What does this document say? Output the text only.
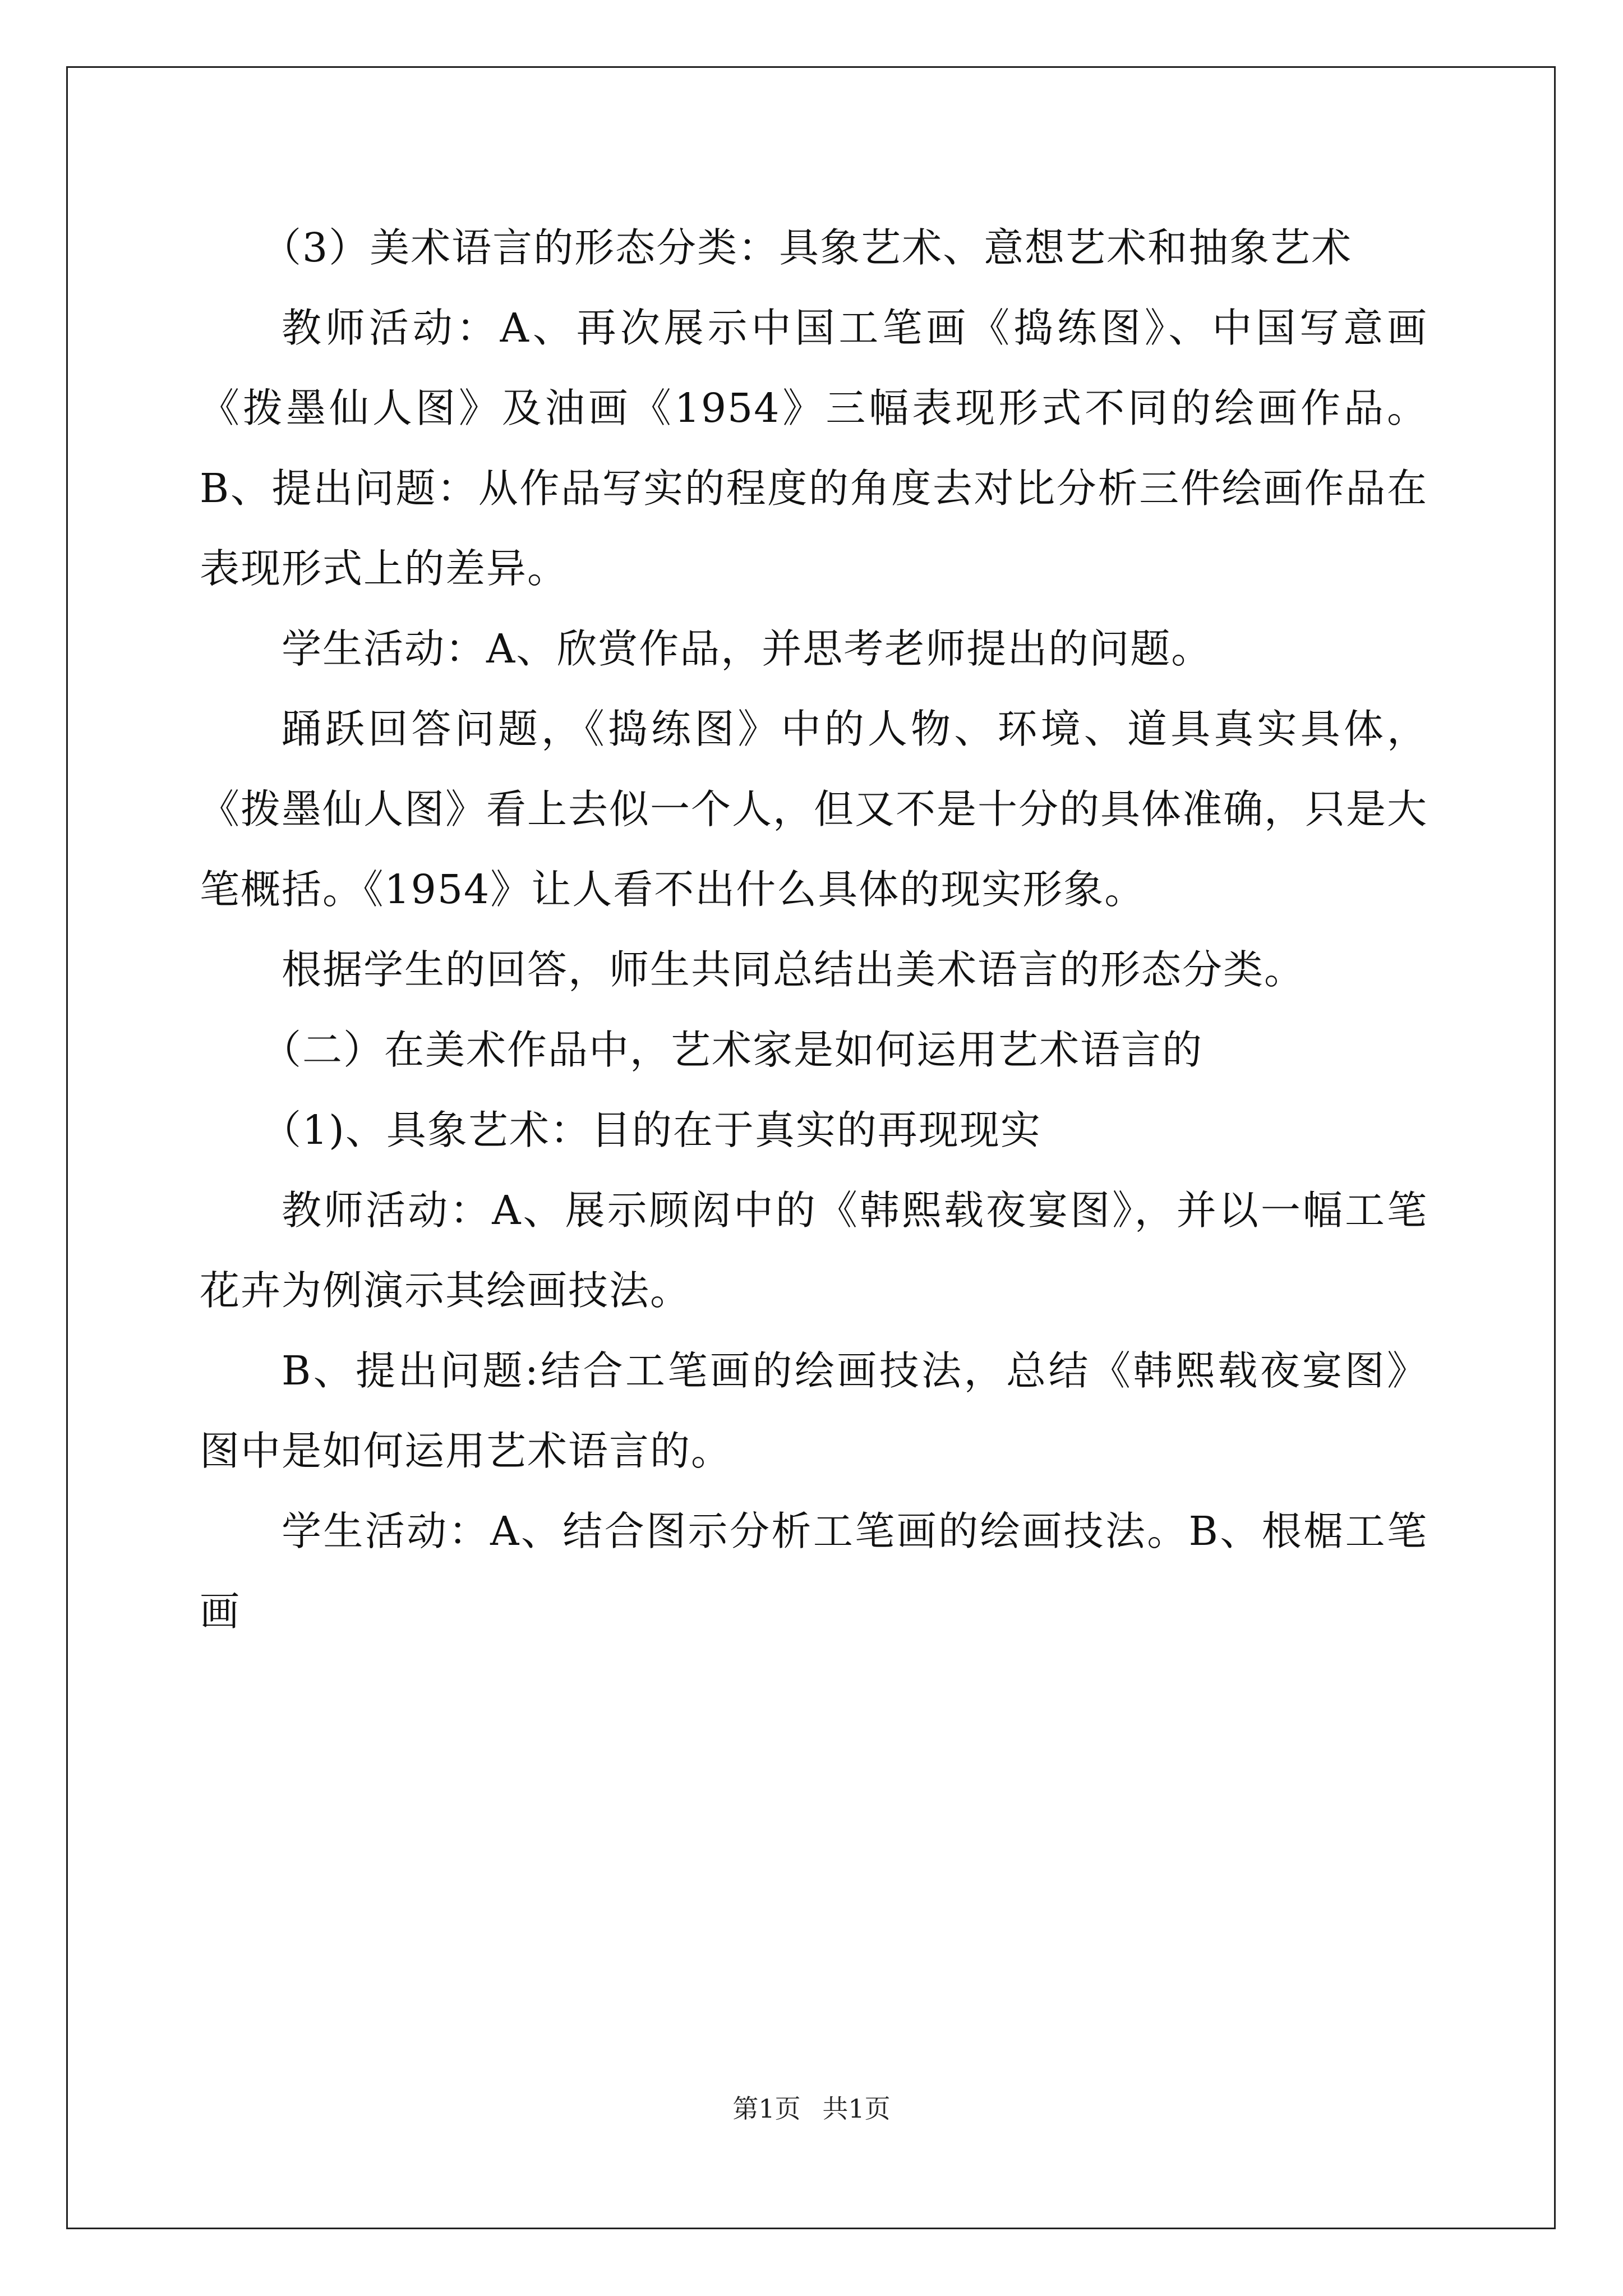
（3）美术语言的形态分类：具象艺术、意想艺术和抽象艺术

教师活动：A、再次展示中国工笔画《捣练图》、中国写意画《拨墨仙人图》及油画《1954》三幅表现形式不同的绘画作品。B、提出问题：从作品写实的程度的角度去对比分析三件绘画作品在表现形式上的差异。

学生活动：A、欣赏作品，并思考老师提出的问题。

踊跃回答问题，《捣练图》中的人物、环境、道具真实具体，《拨墨仙人图》看上去似一个人，但又不是十分的具体准确，只是大笔概括。《1954》让人看不出什么具体的现实形象。

根据学生的回答，师生共同总结出美术语言的形态分类。

（二）在美术作品中，艺术家是如何运用艺术语言的

（1)、具象艺术：目的在于真实的再现现实

教师活动：A、展示顾闳中的《韩熙载夜宴图》，并以一幅工笔花卉为例演示其绘画技法。

B、提出问题:结合工笔画的绘画技法，总结《韩熙载夜宴图》图中是如何运用艺术语言的。

学生活动：A、结合图示分析工笔画的绘画技法。B、根椐工笔画

第1页 共1页
